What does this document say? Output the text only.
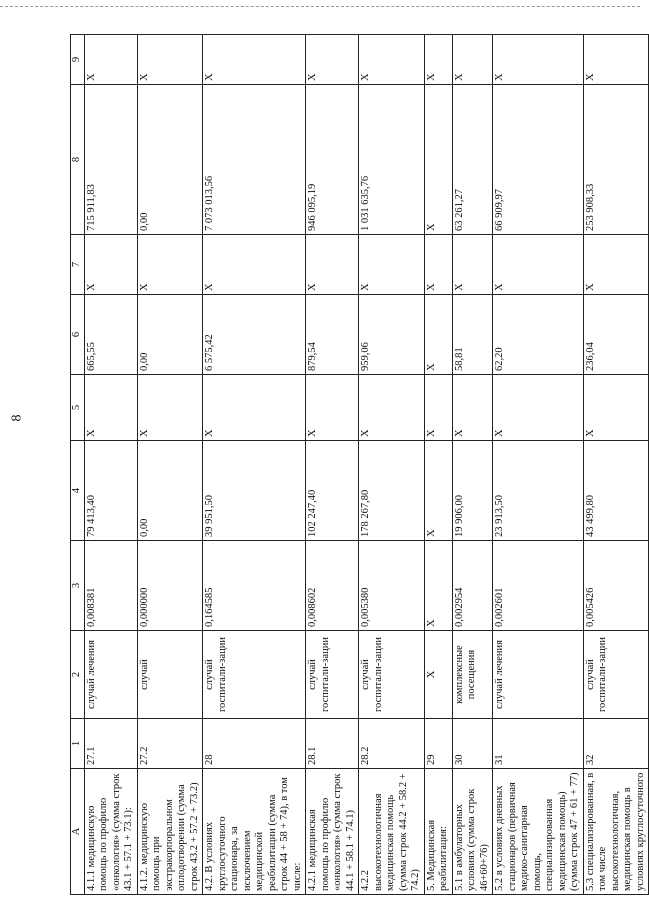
8
A	1	2	3	4	5	6	7	8	9
4.1.1 медицинскую помощь по профилю «онкология» (сумма строк 43.1 + 57.1 + 73.1):	27.1	случай лечения	0,008381	79 413,40	X	665,55	X	715 911,83	X
4.1.2. медицинскую помощь при экстракорпоральном оплодотворении (сумма строк 43.2 + 57.2 + 73.2)	27.2	случай	0,000000	0,00	X	0,00	X	0,00	X
4.2. В условиях круглосуточного стационара, за исключением медицинской реабилитации (сумма строк 44 + 58 + 74), в том числе:	28	случай госпитали-зации	0,164585	39 951,50	X	6 575,42	X	7 073 013,56	X
4.2.1 медицинская помощь по профилю «онкология» (сумма строк 44.1 + 58.1 + 74.1)	28.1	случай госпитали-зации	0,008602	102 247,40	X	879,54	X	946 095,19	X
4.2.2 высокотехнологичная медицинская помощь (сумма строк 44.2 + 58.2 + 74.2)	28.2	случай госпитали-зации	0,005380	178 267,80	X	959,06	X	1 031 635,76	X
5. Медицинская реабилитация:	29	X	X	X	X	X	X	X	X
5.1 в амбулаторных условиях (сумма строк 46+60+76)	30	комплексные посещения	0,002954	19 906,00	X	58,81	X	63 261,27	X
5.2 в условиях дневных стационаров (первичная медико-санитарная помощь, специализированная медицинская помощь) (сумма строк 47 + 61 + 77)	31	случай лечения	0,002601	23 913,50	X	62,20	X	66 909,97	X
5.3 специализированная, в том числе высокотехнологичная, медицинская помощь в условиях круглосуточного	32	случай госпитали-зации	0,005426	43 499,80	X	236,04	X	253 908,33	X
